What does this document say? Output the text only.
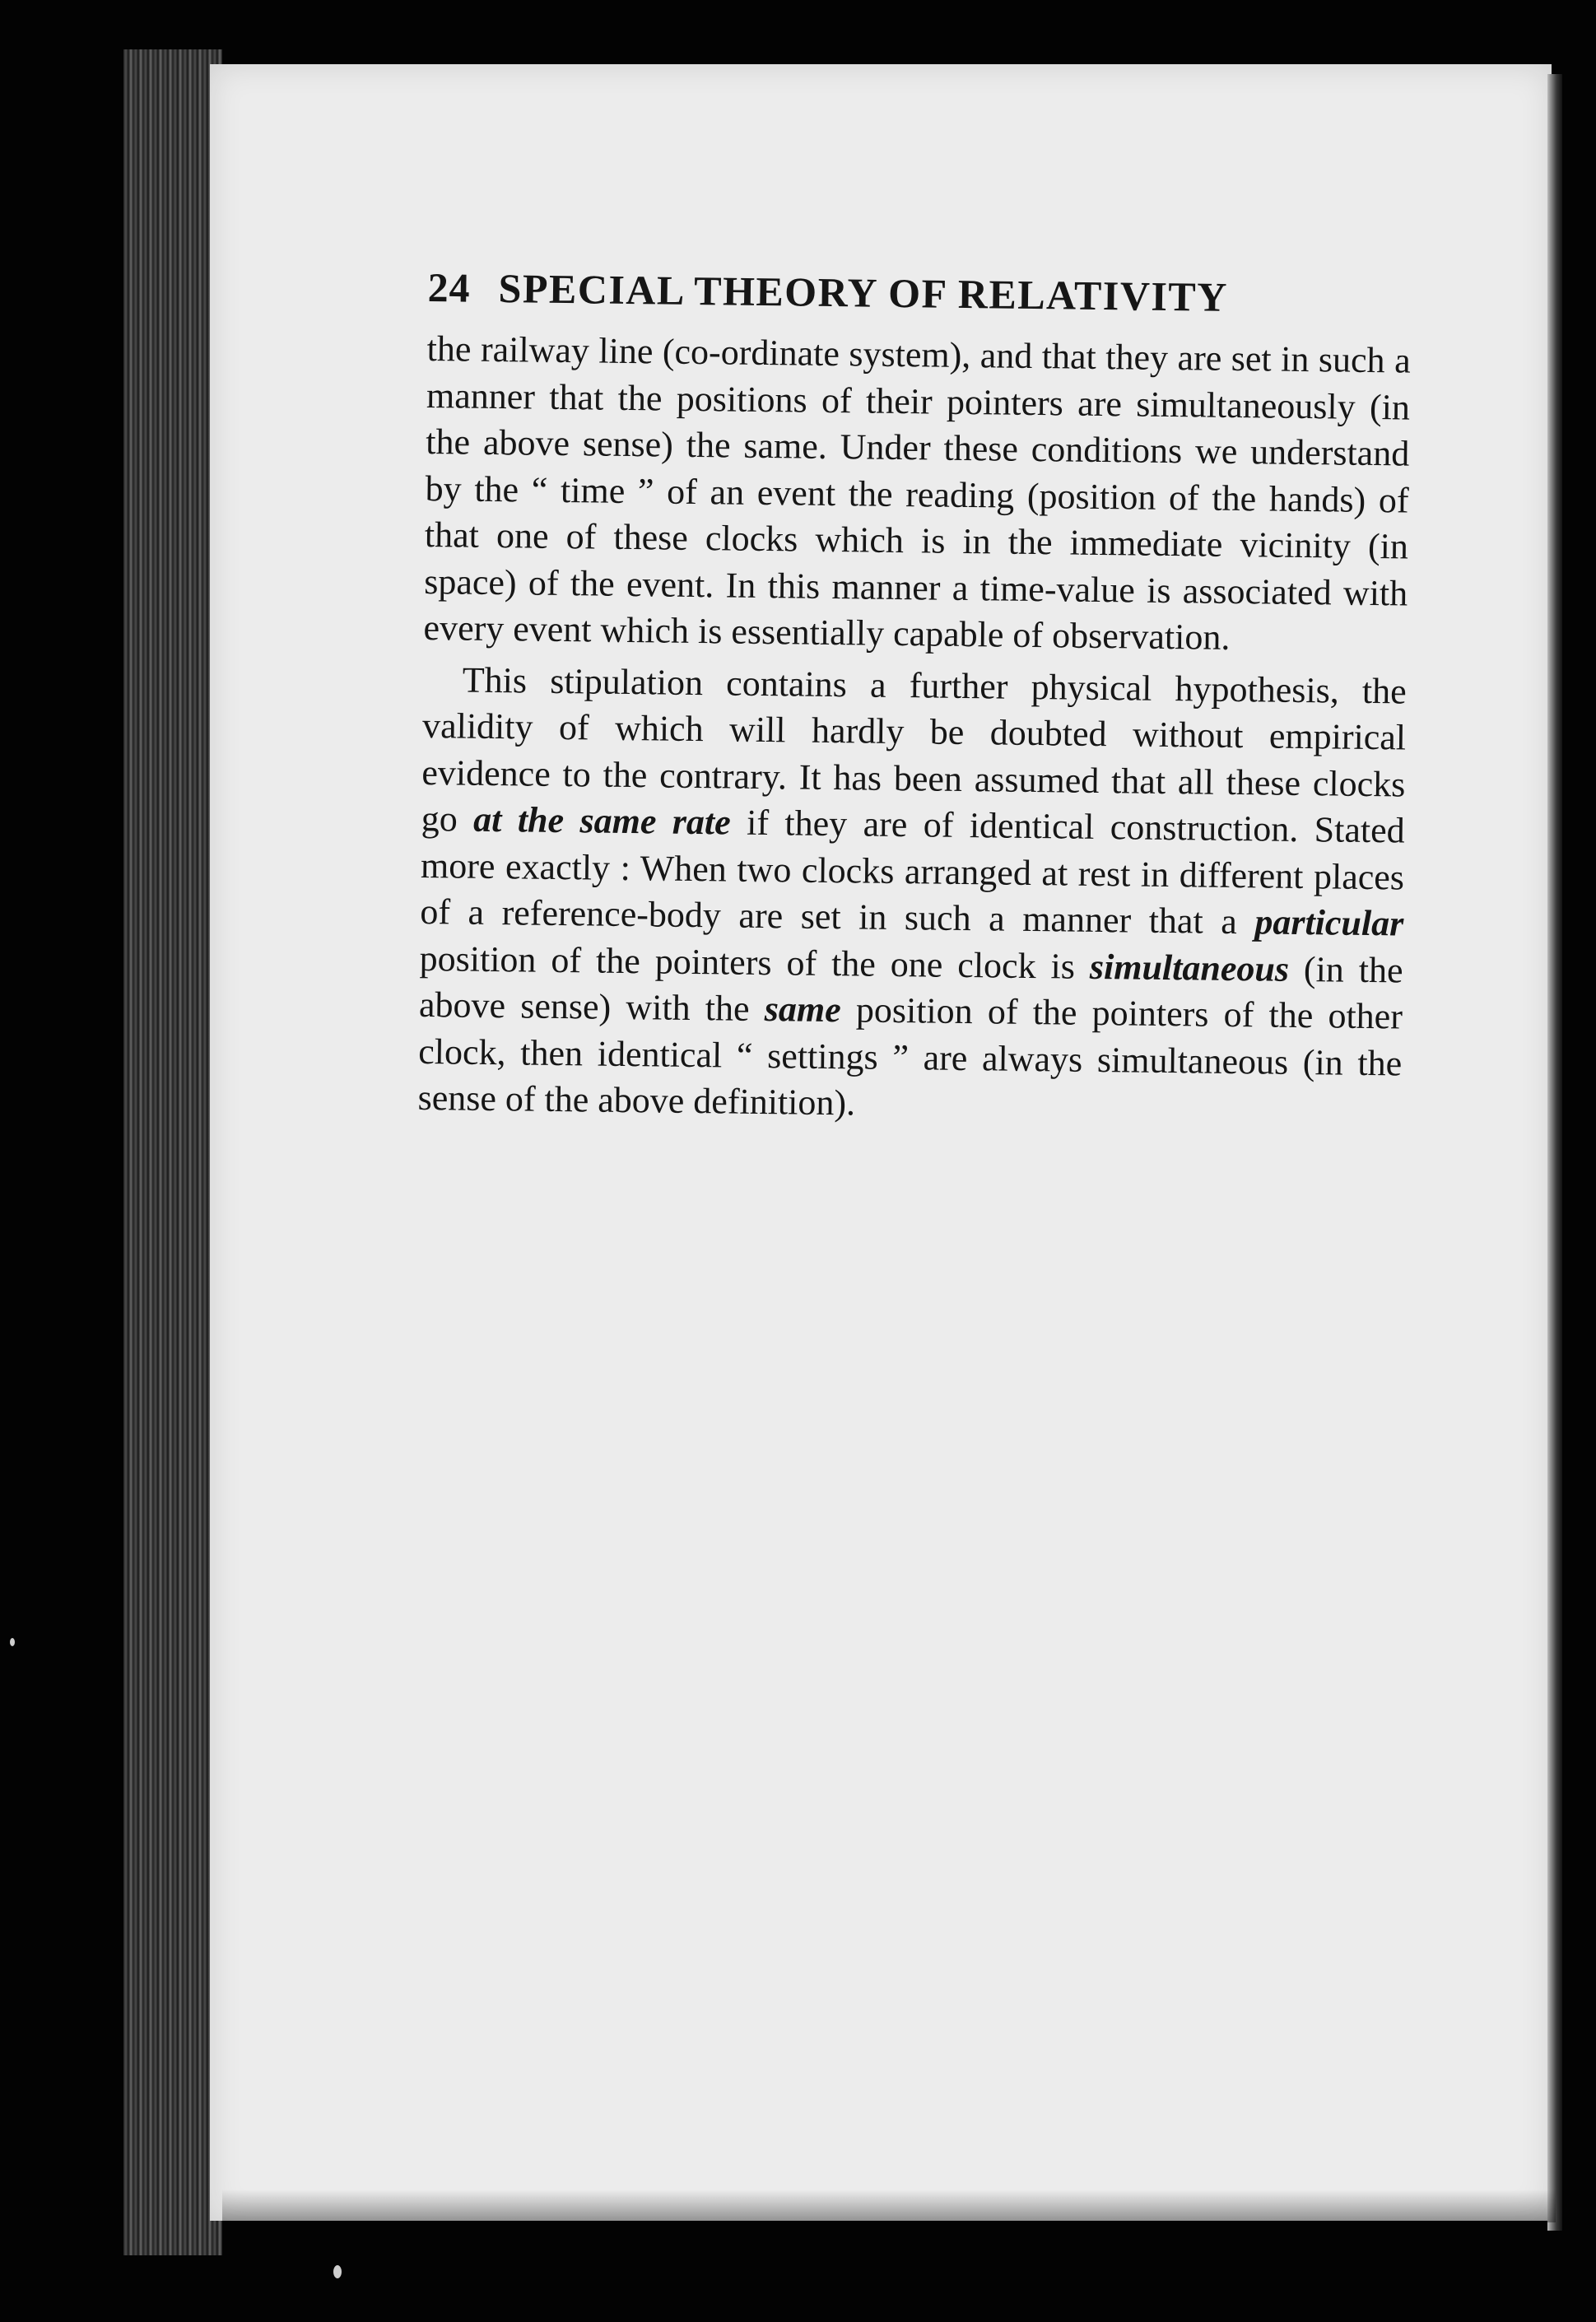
24 SPECIAL THEORY OF RELATIVITY

the railway line (co-ordinate system), and that they are set in such a manner that the positions of their pointers are simultaneously (in the above sense) the same. Under these conditions we understand by the “ time ” of an event the reading (position of the hands) of that one of these clocks which is in the immediate vicinity (in space) of the event. In this manner a time-value is associated with every event which is essentially capable of observation.

This stipulation contains a further physical hypothesis, the validity of which will hardly be doubted without empirical evidence to the contrary. It has been assumed that all these clocks go at the same rate if they are of identical construction. Stated more exactly : When two clocks arranged at rest in different places of a reference-body are set in such a manner that a particular position of the pointers of the one clock is simultaneous (in the above sense) with the same position of the pointers of the other clock, then identical “ settings ” are always simultaneous (in the sense of the above definition).
